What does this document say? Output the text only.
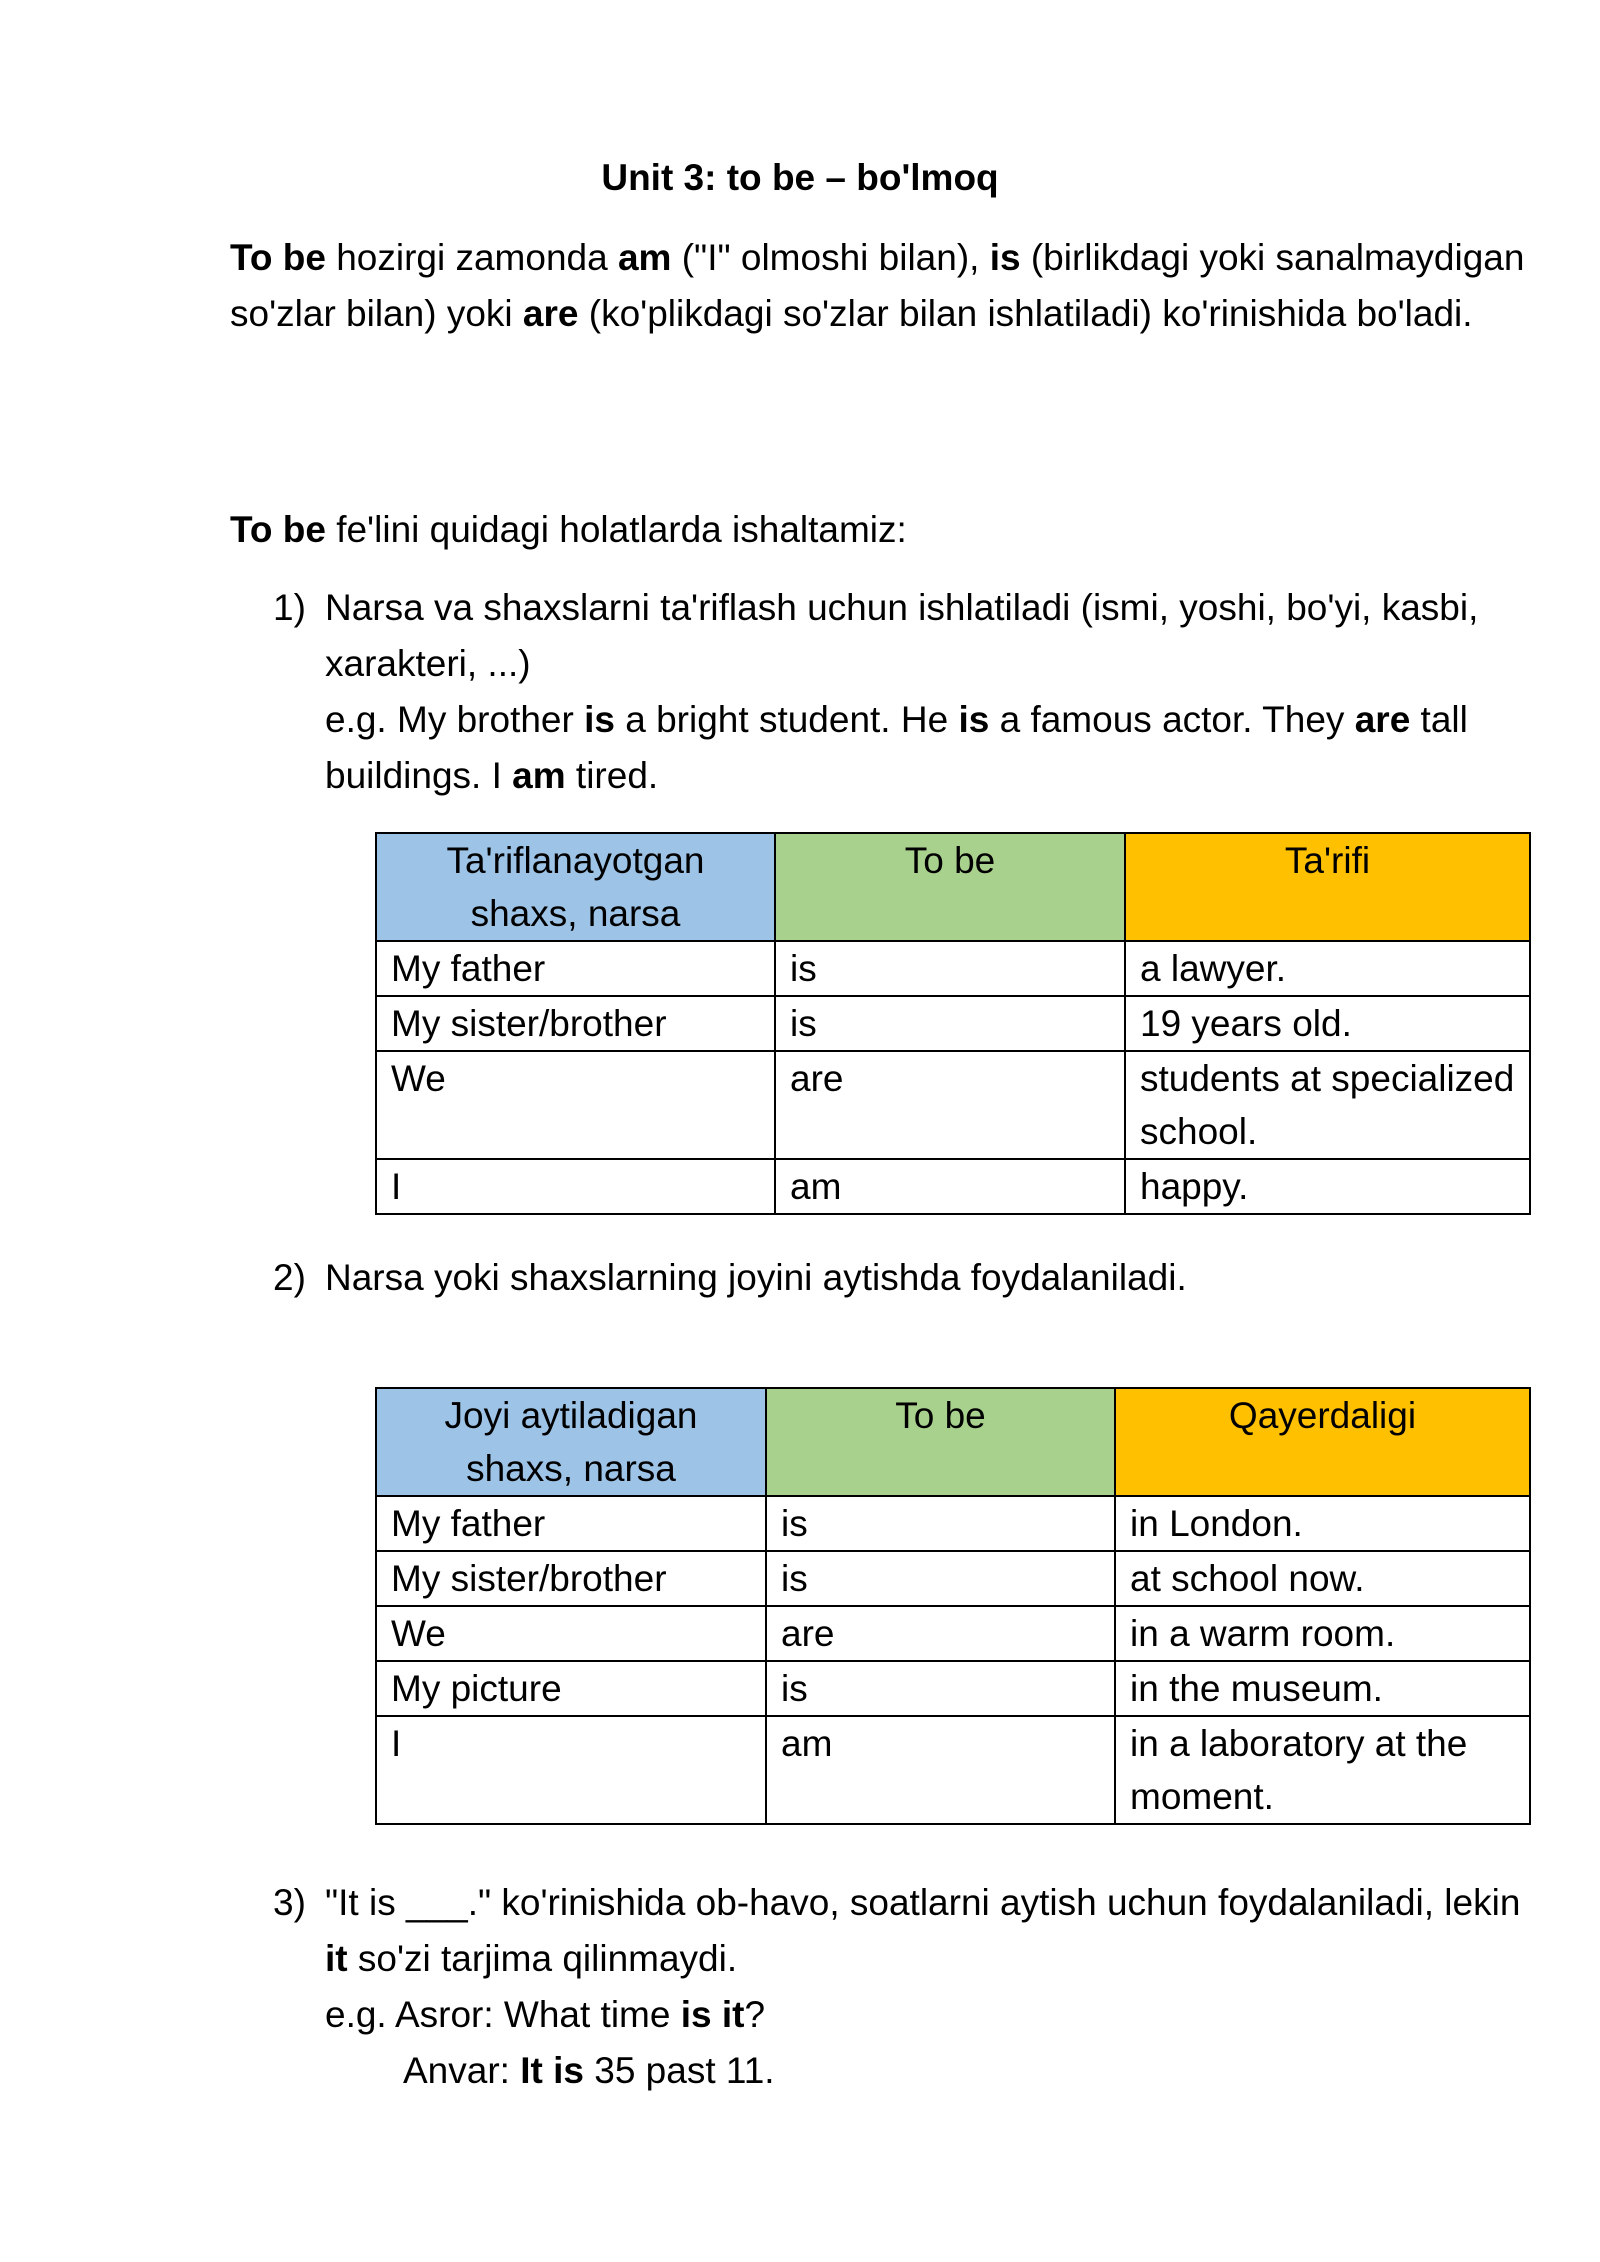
Unit 3: to be – bo'lmoq
To be hozirgi zamonda am ("I" olmoshi bilan), is (birlikdagi yoki sanalmaydigan so'zlar bilan) yoki are (ko'plikdagi so'zlar bilan ishlatiladi) ko'rinishida bo'ladi.
To be fe'lini quidagi holatlarda ishaltamiz:
1) Narsa va shaxslarni ta'riflash uchun ishlatiladi (ismi, yoshi, bo'yi, kasbi, xarakteri, ...)
e.g. My brother is a bright student. He is a famous actor. They are tall buildings. I am tired.
Ta'riflanayotgan shaxs, narsa	To be	Ta'rifi
My father	is	a lawyer.
My sister/brother	is	19 years old.
We	are	students at specialized school.
I	am	happy.
2) Narsa yoki shaxslarning joyini aytishda foydalaniladi.
Joyi aytiladigan shaxs, narsa	To be	Qayerdaligi
My father	is	in London.
My sister/brother	is	at school now.
We	are	in a warm room.
My picture	is	in the museum.
I	am	in a laboratory at the moment.
3) "It is ___." ko'rinishida ob-havo, soatlarni aytish uchun foydalaniladi, lekin it so'zi tarjima qilinmaydi.
e.g. Asror: What time is it?
Anvar: It is 35 past 11.
